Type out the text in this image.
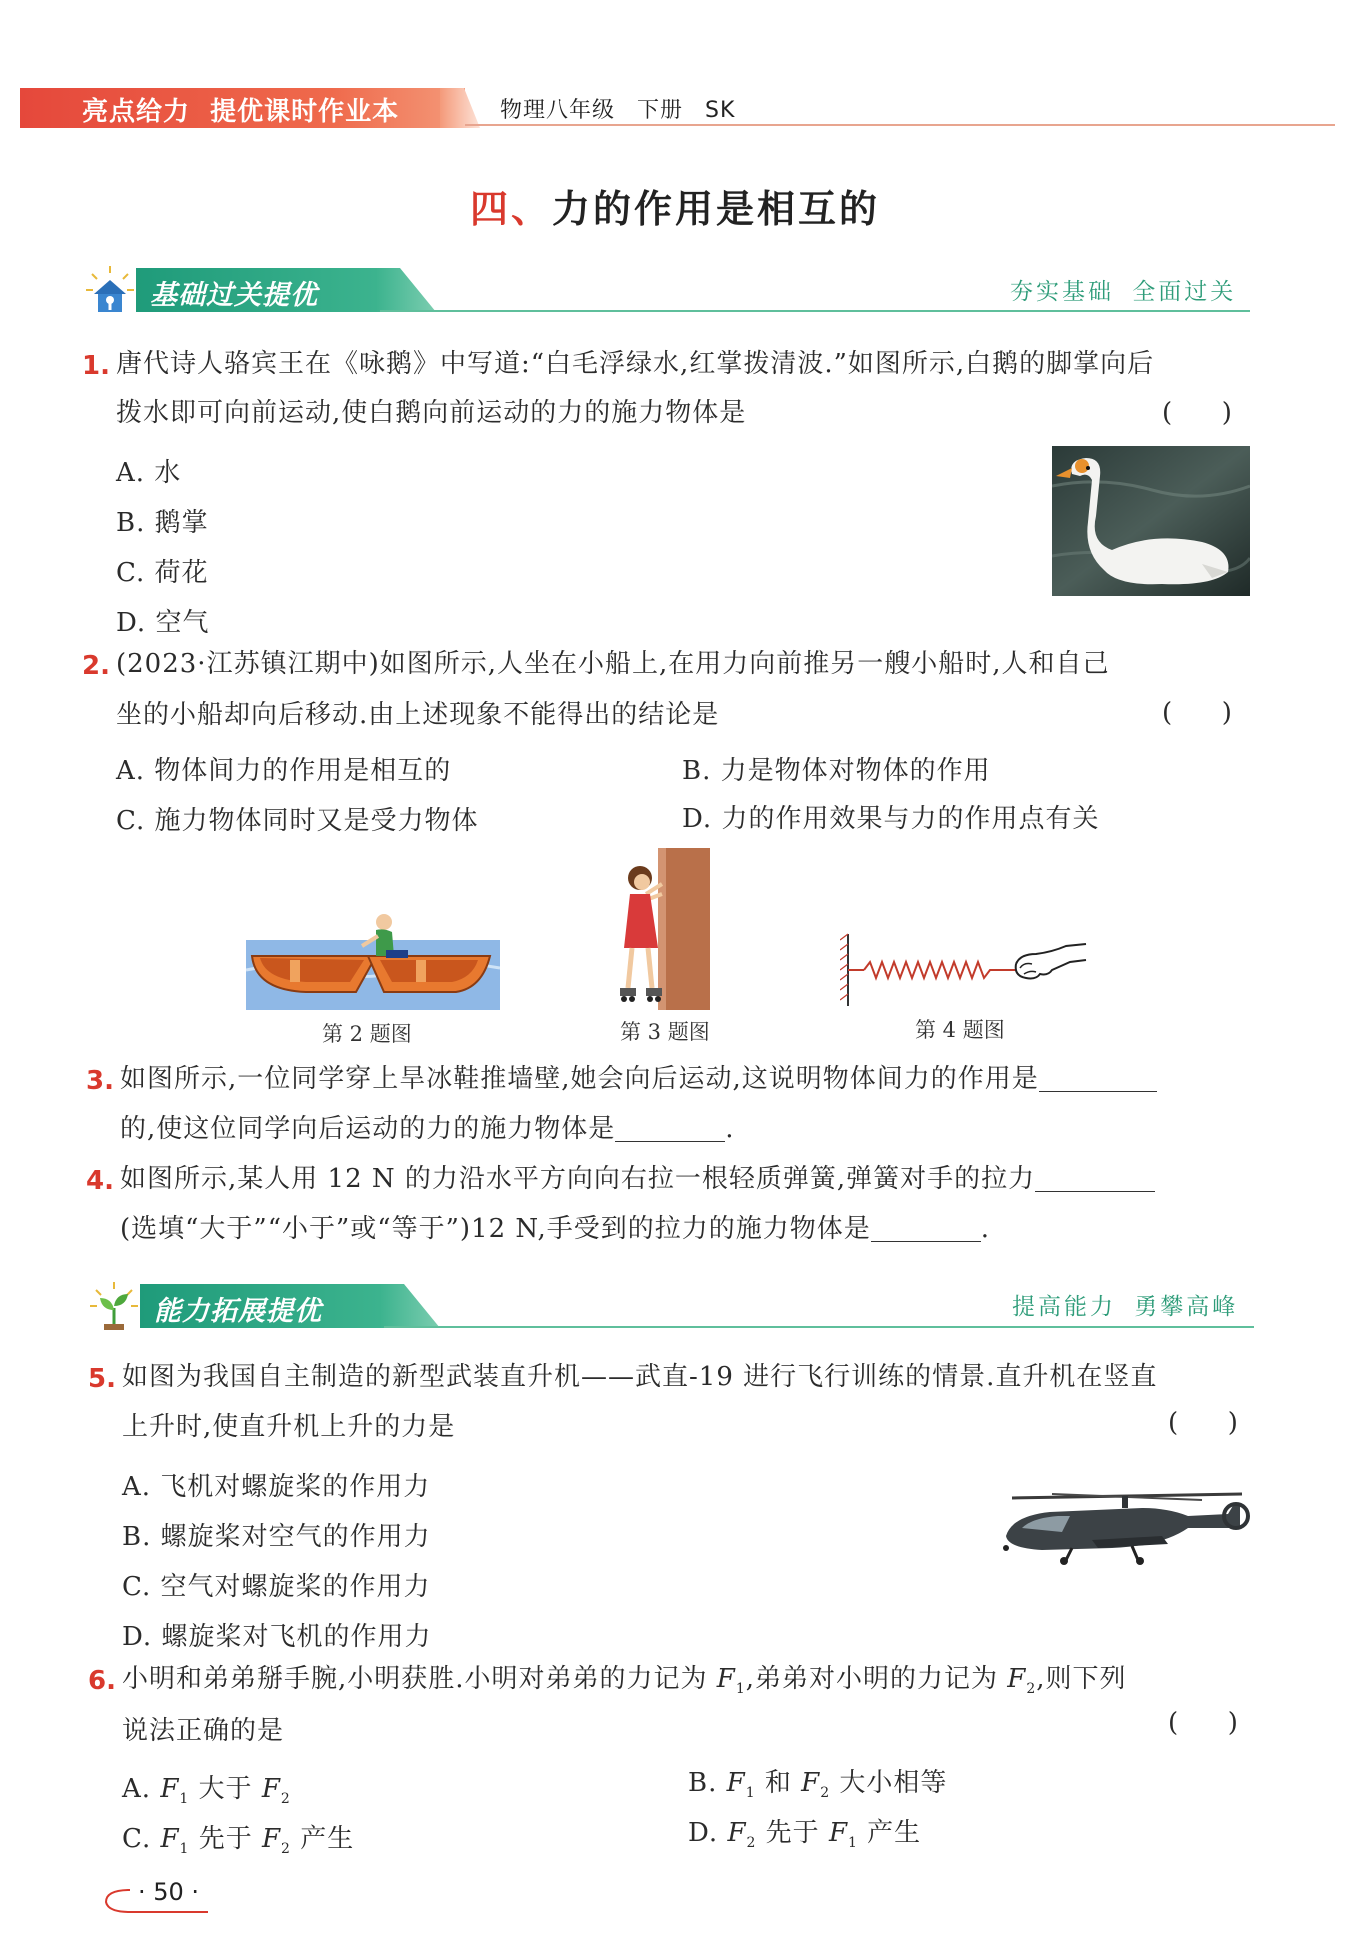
亮点给力  提优课时作业本	物理八年级 下册 SK
四、力的作用是相互的
基础过关提优	夯实基础 全面过关
1. 唐代诗人骆宾王在《咏鹅》中写道:“白毛浮绿水,红掌拨清波.”如图所示,白鹅的脚掌向后
拨水即可向前运动,使白鹅向前运动的力的施力物体是	(      )
A. 水
B. 鹅掌
C. 荷花
D. 空气
2. (2023·江苏镇江期中)如图所示,人坐在小船上,在用力向前推另一艘小船时,人和自己
坐的小船却向后移动.由上述现象不能得出的结论是	(      )
A. 物体间力的作用是相互的	B. 力是物体对物体的作用
C. 施力物体同时又是受力物体	D. 力的作用效果与力的作用点有关
第 2 题图	第 3 题图	第 4 题图
3. 如图所示,一位同学穿上旱冰鞋推墙壁,她会向后运动,这说明物体间力的作用是
的,使这位同学向后运动的力的施力物体是	.
4. 如图所示,某人用 12 N 的力沿水平方向向右拉一根轻质弹簧,弹簧对手的拉力
(选填“大于”“小于”或“等于”)12 N,手受到的拉力的施力物体是	.
能力拓展提优	提高能力 勇攀高峰
5. 如图为我国自主制造的新型武装直升机——武直-19 进行飞行训练的情景.直升机在竖直
上升时,使直升机上升的力是	(      )
A. 飞机对螺旋桨的作用力
B. 螺旋桨对空气的作用力
C. 空气对螺旋桨的作用力
D. 螺旋桨对飞机的作用力
6. 小明和弟弟掰手腕,小明获胜.小明对弟弟的力记为 $F_1$,弟弟对小明的力记为 $F_2$,则下列
说法正确的是	(      )
A. $F_1$ 大于 $F_2$
B. $F_1$ 和 $F_2$ 大小相等
C. $F_1$ 先于 $F_2$ 产生	D. $F_2$ 先于 $F_1$ 产生
· 50 ·
